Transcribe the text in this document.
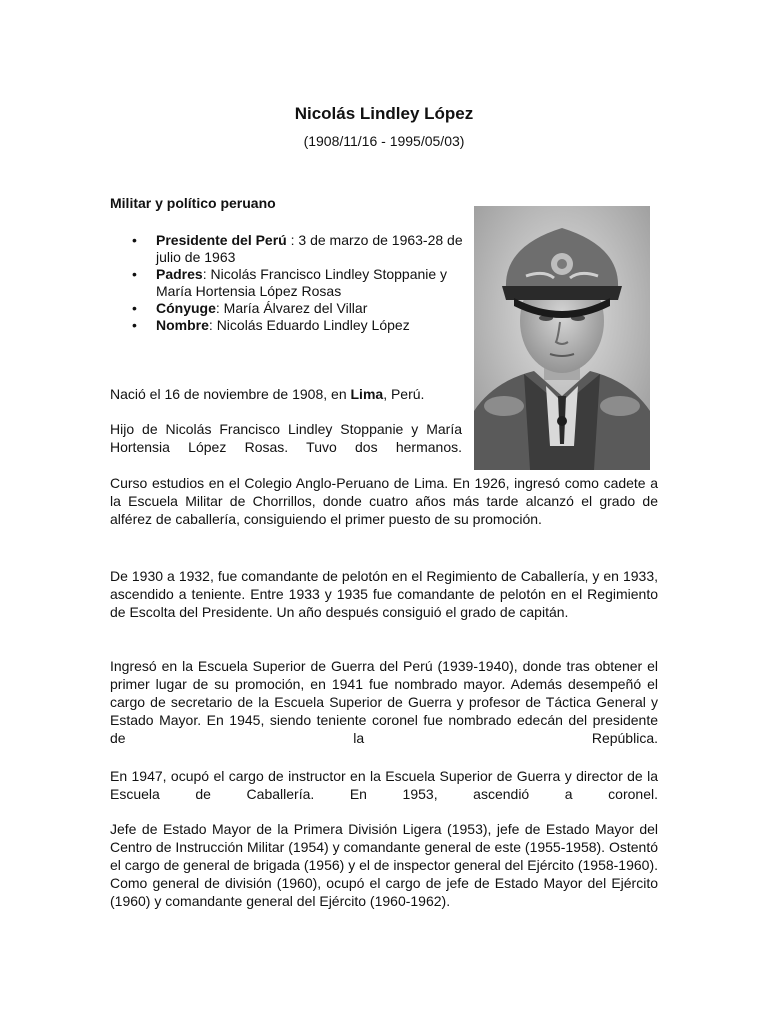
Nicolás Lindley López
(1908/11/16 - 1995/05/03)
Militar y político peruano
• Presidente del Perú : 3 de marzo de 1963-28 de julio de 1963
• Padres: Nicolás Francisco Lindley Stoppanie y María Hortensia López Rosas
• Cónyuge: María Álvarez del Villar
• Nombre: Nicolás Eduardo Lindley López

Nació el 16 de noviembre de 1908, en Lima, Perú.

Hijo de Nicolás Francisco Lindley Stoppanie y María Hortensia López Rosas. Tuvo dos hermanos.

Curso estudios en el Colegio Anglo-Peruano de Lima. En 1926, ingresó como cadete a la Escuela Militar de Chorrillos, donde cuatro años más tarde alcanzó el grado de alférez de caballería, consiguiendo el primer puesto de su promoción.

De 1930 a 1932, fue comandante de pelotón en el Regimiento de Caballería, y en 1933, ascendido a teniente. Entre 1933 y 1935 fue comandante de pelotón en el Regimiento de Escolta del Presidente. Un año después consiguió el grado de capitán.

Ingresó en la Escuela Superior de Guerra del Perú (1939-1940), donde tras obtener el primer lugar de su promoción, en 1941 fue nombrado mayor. Además desempeñó el cargo de secretario de la Escuela Superior de Guerra y profesor de Táctica General y Estado Mayor. En 1945, siendo teniente coronel fue nombrado edecán del presidente de la República.

En 1947, ocupó el cargo de instructor en la Escuela Superior de Guerra y director de la Escuela de Caballería. En 1953, ascendió a coronel.

Jefe de Estado Mayor de la Primera División Ligera (1953), jefe de Estado Mayor del Centro de Instrucción Militar (1954) y comandante general de este (1955-1958). Ostentó el cargo de general de brigada (1956) y el de inspector general del Ejército (1958-1960). Como general de división (1960), ocupó el cargo de jefe de Estado Mayor del Ejército (1960) y comandante general del Ejército (1960-1962).
